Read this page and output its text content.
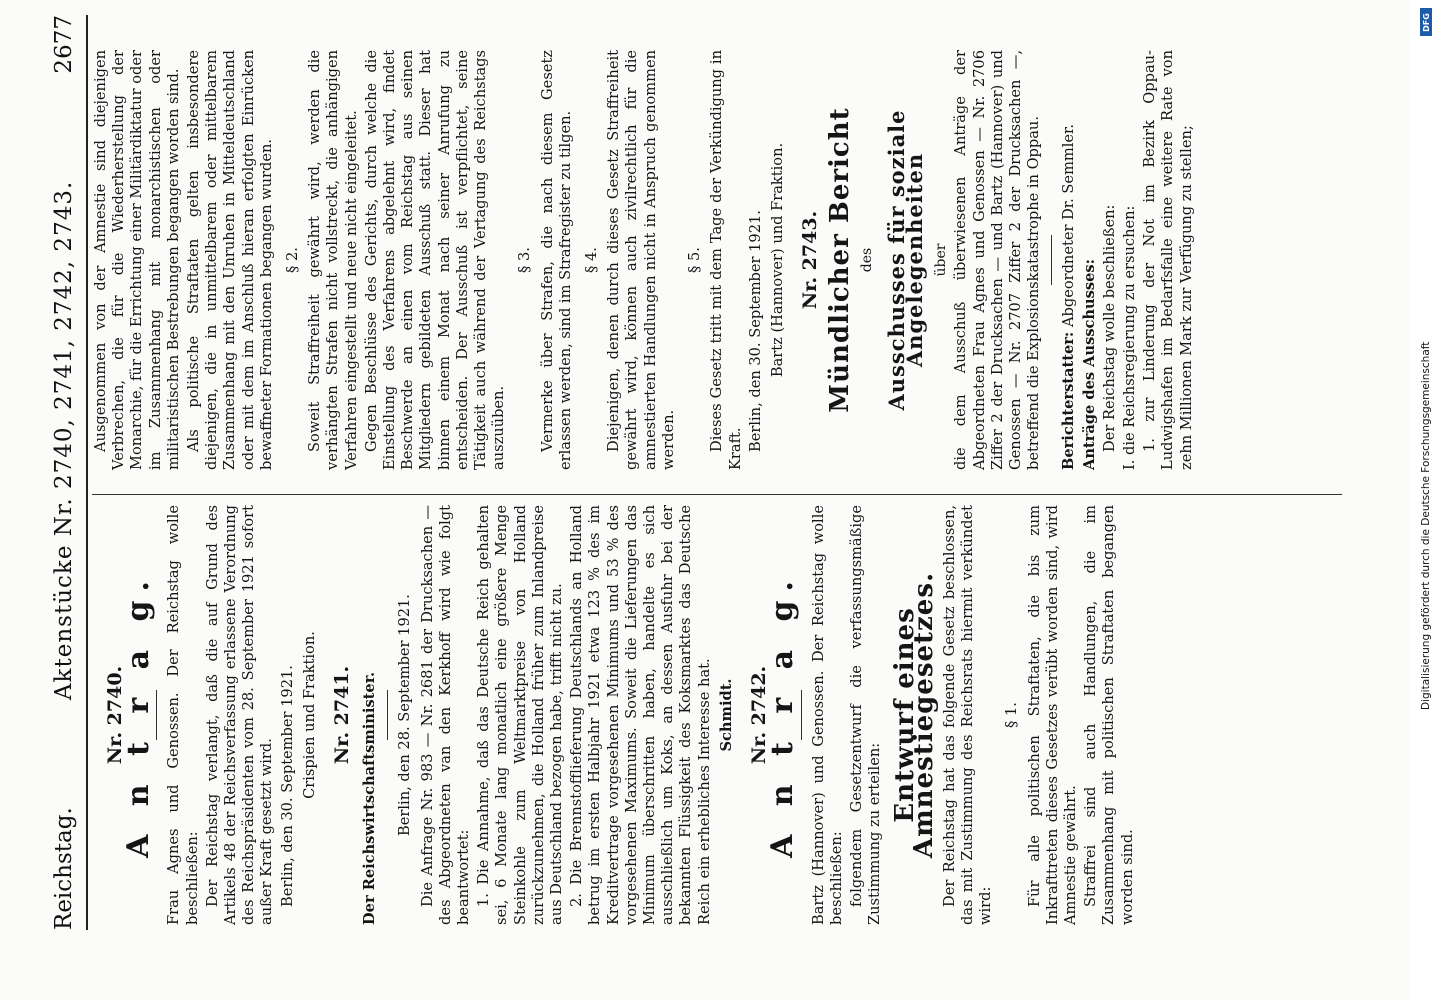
Reichstag.
Aktenstücke Nr. 2740, 2741, 2742, 2743.
2677
Nr. 2740.
A n t r a g. Frau Agnes und Genossen. Der Reichstag wolle beschließen: Der Reichstag verlangt, daß die auf Grund des Artikels 48 der Reichsverfassung erlassene Verordnung des Reichspräsidenten vom 28. September 1921 sofort außer Kraft gesetzt wird. Berlin, den 30. September 1921. Crispien und Fraktion. Nr. 2741. Der Reichswirtschaftsminister. Berlin, den 28. September 1921. Die Anfrage Nr. 983 — Nr. 2681 der Drucksachen — des Abgeordneten van den Kerkhoff wird wie folgt beantwortet: 1. Die Annahme, daß das Deutsche Reich gehalten sei, 6 Monate lang monatlich eine größere Menge Steinkohle zum Weltmarktpreise von Holland zurückzunehmen, die Holland früher zum Inlandpreise aus Deutschland bezogen habe, trifft nicht zu. 2. Die Brennstofflieferung Deutschlands an Holland betrug im ersten Halbjahr 1921 etwa 123 % des im Kreditvertrage vorgesehenen Minimums und 53 % des vorgesehenen Maximums. Soweit die Lieferungen das Minimum überschritten haben, handelte es sich ausschließlich um Koks, an dessen Ausfuhr bei der bekannten Flüssigkeit des Koksmarktes das Deutsche Reich ein erhebliches Interesse hat. Schmidt. Nr. 2742.
A n t r a g. Bartz (Hannover) und Genossen. Der Reichstag wolle beschließen: folgendem Gesetzentwurf die verfassungsmäßige Zustimmung zu erteilen:

Entwurf eines Amnestiegesetzes. Der Reichstag hat das folgende Gesetz beschlossen, das mit Zustimmung des Reichsrats hiermit verkündet wird:

§ 1. Für alle politischen Straftaten, die bis zum Inkrafttreten dieses Gesetzes verübt worden sind, wird Amnestie gewährt. Straffrei sind auch Handlungen, die im Zusammenhang mit politischen Straftaten begangen worden sind.

Ausgenommen von der Amnestie sind diejenigen Verbrechen, die für die Wiederherstellung der Monarchie, für die Errichtung einer Militärdiktatur oder im Zusammenhang mit monarchistischen oder militaristischen Bestrebungen begangen worden sind. Als politische Straftaten gelten insbesondere diejenigen, die in unmittelbarem oder mittelbarem Zusammenhang mit den Unruhen in Mitteldeutschland oder mit dem im Anschluß hieran erfolgten Einrücken bewaffneter Formationen begangen wurden. § 2. Soweit Straffreiheit gewährt wird, werden die verhängten Strafen nicht vollstreckt, die anhängigen Verfahren eingestellt und neue nicht eingeleitet. Gegen Beschlüsse des Gerichts, durch welche die Einstellung des Verfahrens abgelehnt wird, findet Beschwerde an einen vom Reichstag aus seinen Mitgliedern gebildeten Ausschuß statt. Dieser hat binnen einem Monat nach seiner Anrufung zu entscheiden. Der Ausschuß ist verpflichtet, seine Tätigkeit auch während der Vertagung des Reichstags auszuüben.

§ 3. Vermerke über Strafen, die nach diesem Gesetz erlassen werden, sind im Strafregister zu tilgen. § 4. Diejenigen, denen durch dieses Gesetz Straffreiheit gewährt wird, können auch zivilrechtlich für die amnestierten Handlungen nicht in Anspruch genommen werden.

§ 5. Dieses Gesetz tritt mit dem Tage der Verkündigung in Kraft. Berlin, den 30. September 1921. Bartz (Hannover) und Fraktion. Nr. 2743. Mündlicher Bericht des Ausschusses für soziale Angelegenheiten über die dem Ausschuß überwiesenen Anträge der Abgeordneten Frau Agnes und Genossen — Nr. 2706 Ziffer 2 der Drucksachen — und Bartz (Hannover) und Genossen — Nr. 2707 Ziffer 2 der Drucksachen —, betreffend die Explosionskatastrophe in Oppau. Berichterstatter: Abgeordneter Dr. Semmler.

Anträge des Ausschusses: Der Reichstag wolle beschließen: I. die Reichsregierung zu ersuchen: 1. zur Linderung der Not im Bezirk Oppau-Ludwigshafen im Bedarfsfalle eine weitere Rate von zehn Millionen Mark zur Verfügung zu stellen;

DFG
Digitalisierung gefördert durch die Deutsche Forschungsgemeinschaft
